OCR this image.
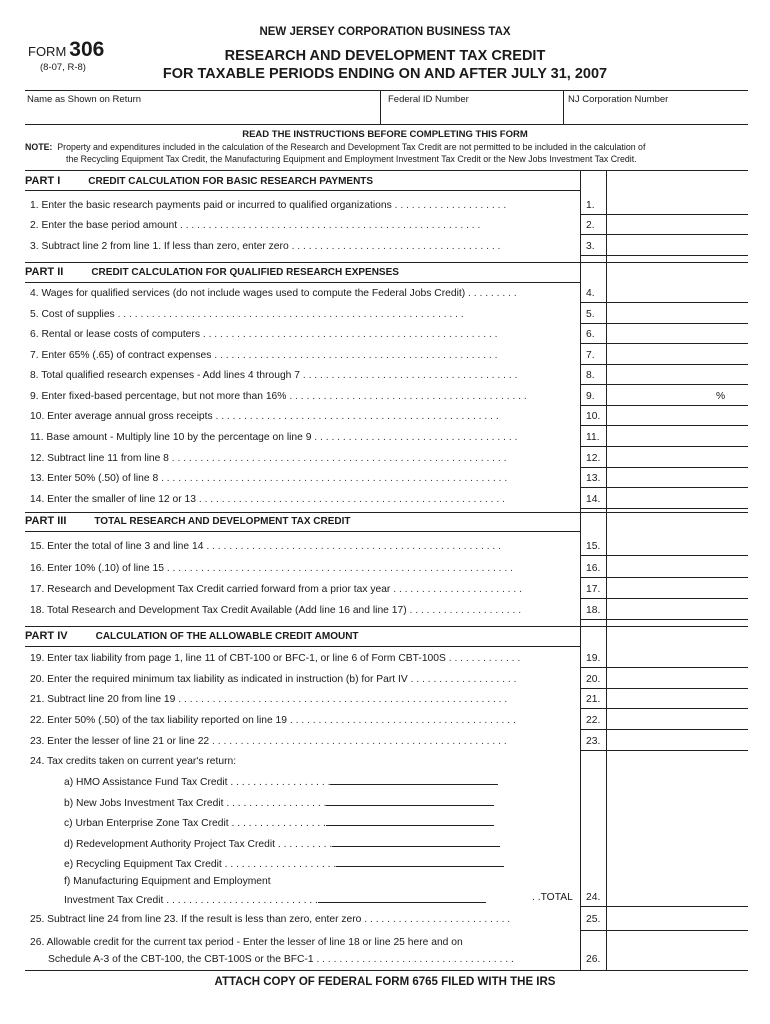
NEW JERSEY CORPORATION BUSINESS TAX
FORM 306
(8-07, R-8)
RESEARCH AND DEVELOPMENT TAX CREDIT
FOR TAXABLE PERIODS ENDING ON AND AFTER JULY 31, 2007
Name as Shown on Return	Federal ID Number	NJ Corporation Number
READ THE INSTRUCTIONS BEFORE COMPLETING THIS FORM
NOTE: Property and expenditures included in the calculation of the Research and Development Tax Credit are not permitted to be included in the calculation of
the Recycling Equipment Tax Credit, the Manufacturing Equipment and Employment Investment Tax Credit or the New Jobs Investment Tax Credit.
PART I	CREDIT CALCULATION FOR BASIC RESEARCH PAYMENTS
PART II	CREDIT CALCULATION FOR QUALIFIED RESEARCH EXPENSES
PART III	TOTAL RESEARCH AND DEVELOPMENT TAX CREDIT
PART IV	CALCULATION OF THE ALLOWABLE CREDIT AMOUNT
1. Enter the basic research payments paid or incurred to qualified organizations . . . . . . . . . . . . . . . . . . . .	1.
2. Enter the base period amount . . . . . . . . . . . . . . . . . . . . . . . . . . . . . . . . . . . . . . . . . . . . . . . . . . . . .	2.
3. Subtract line 2 from line 1. If less than zero, enter zero . . . . . . . . . . . . . . . . . . . . . . . . . . . . . . . . . . . . .	3.
4. Wages for qualified services (do not include wages used to compute the Federal Jobs Credit) . . . . . . . . .	4.
5. Cost of supplies . . . . . . . . . . . . . . . . . . . . . . . . . . . . . . . . . . . . . . . . . . . . . . . . . . . . . . . . . . . . .	5.
6. Rental or lease costs of computers . . . . . . . . . . . . . . . . . . . . . . . . . . . . . . . . . . . . . . . . . . . . . . . . . . . .	6.
7. Enter 65% (.65) of contract expenses . . . . . . . . . . . . . . . . . . . . . . . . . . . . . . . . . . . . . . . . . . . . . . . . . .	7.
8. Total qualified research expenses - Add lines 4 through 7 . . . . . . . . . . . . . . . . . . . . . . . . . . . . . . . . . . . . . .	8.
9. Enter fixed-based percentage, but not more than 16% . . . . . . . . . . . . . . . . . . . . . . . . . . . . . . . . . . . . . . . . . .	9.	%
10. Enter average annual gross receipts . . . . . . . . . . . . . . . . . . . . . . . . . . . . . . . . . . . . . . . . . . . . . . . . . .	10.
11. Base amount - Multiply line 10 by the percentage on line 9 . . . . . . . . . . . . . . . . . . . . . . . . . . . . . . . . . . . .	11.
12. Subtract line 11 from line 8 . . . . . . . . . . . . . . . . . . . . . . . . . . . . . . . . . . . . . . . . . . . . . . . . . . . . . . . . . . .	12.
13. Enter 50% (.50) of line 8 . . . . . . . . . . . . . . . . . . . . . . . . . . . . . . . . . . . . . . . . . . . . . . . . . . . . . . . . . . . . .	13.
14. Enter the smaller of line 12 or 13 . . . . . . . . . . . . . . . . . . . . . . . . . . . . . . . . . . . . . . . . . . . . . . . . . . . . . .	14.
15. Enter the total of line 3 and line 14 . . . . . . . . . . . . . . . . . . . . . . . . . . . . . . . . . . . . . . . . . . . . . . . . . . . .	15.
16. Enter 10% (.10) of line 15 . . . . . . . . . . . . . . . . . . . . . . . . . . . . . . . . . . . . . . . . . . . . . . . . . . . . . . . . . . . . .	16.
17. Research and Development Tax Credit carried forward from a prior tax year . . . . . . . . . . . . . . . . . . . . . . .	17.
18. Total Research and Development Tax Credit Available (Add line 16 and line 17) . . . . . . . . . . . . . . . . . . . .	18.
19. Enter tax liability from page 1, line 11 of CBT-100 or BFC-1, or line 6 of Form CBT-100S . . . . . . . . . . . . .	19.
20. Enter the required minimum tax liability as indicated in instruction (b) for Part IV . . . . . . . . . . . . . . . . . . .	20.
21. Subtract line 20 from line 19 . . . . . . . . . . . . . . . . . . . . . . . . . . . . . . . . . . . . . . . . . . . . . . . . . . . . . . . . . .	21.
22. Enter 50% (.50) of the tax liability reported on line 19 . . . . . . . . . . . . . . . . . . . . . . . . . . . . . . . . . . . . . . . .	22.
23. Enter the lesser of line 21 or line 22 . . . . . . . . . . . . . . . . . . . . . . . . . . . . . . . . . . . . . . . . . . . . . . . . . . . .	23.
24. Tax credits taken on current year's return:
a) HMO Assistance Fund Tax Credit . . . . . . . . . . . . . . . . . .
b) New Jobs Investment Tax Credit . . . . . . . . . . . . . . . . . .
c) Urban Enterprise Zone Tax Credit . . . . . . . . . . . . . . . . .
d) Redevelopment Authority Project Tax Credit . . . . . . . . . .
e) Recycling Equipment Tax Credit . . . . . . . . . . . . . . . . . . . .
f) Manufacturing Equipment and Employment
Investment Tax Credit . . . . . . . . . . . . . . . . . . . . . . . . . . .	. .TOTAL 24.
25. Subtract line 24 from line 23. If the result is less than zero, enter zero . . . . . . . . . . . . . . . . . . . . . . . . . .	25.
26. Allowable credit for the current tax period - Enter the lesser of line 18 or line 25 here and on
Schedule A-3 of the CBT-100, the CBT-100S or the BFC-1 . . . . . . . . . . . . . . . . . . . . . . . . . . . . . . . . . . .	26.
ATTACH COPY OF FEDERAL FORM 6765 FILED WITH THE IRS
